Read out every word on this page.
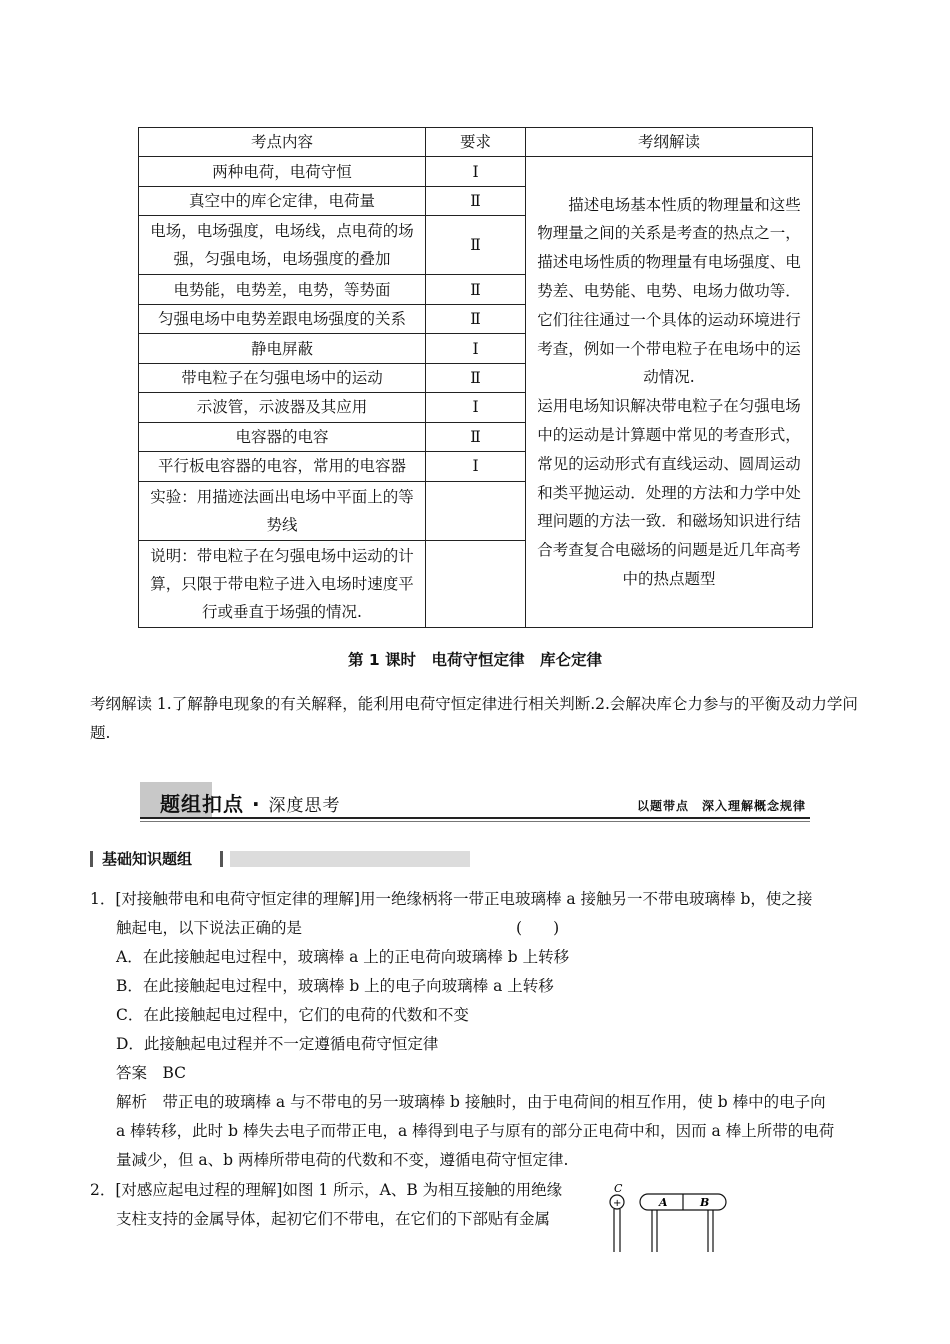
考点内容	要求	考纲解读
两种电荷，电荷守恒	Ⅰ	描述电场基本性质的物理量和这些物理量之间的关系是考查的热点之一，描述电场性质的物理量有电场强度、电势差、电势能、电势、电场力做功等．它们往往通过一个具体的运动环境进行考查，例如一个带电粒子在电场中的运动情况.

运用电场知识解决带电粒子在匀强电场中的运动是计算题中常见的考查形式，常见的运动形式有直线运动、圆周运动和类平抛运动．处理的方法和力学中处理问题的方法一致．和磁场知识进行结合考查复合电磁场的问题是近几年高考中的热点题型

真空中的库仑定律，电荷量	Ⅱ	
电场，电场强度，电场线，点电荷的场强，匀强电场，电场强度的叠加	Ⅱ	
电势能，电势差，电势，等势面	Ⅱ	
匀强电场中电势差跟电场强度的关系	Ⅱ	
静电屏蔽	Ⅰ	
带电粒子在匀强电场中的运动	Ⅱ	
示波管，示波器及其应用	Ⅰ	
电容器的电容	Ⅱ	
平行板电容器的电容，常用的电容器	Ⅰ	
实验：用描迹法画出电场中平面上的等势线		
说明：带电粒子在匀强电场中运动的计算，只限于带电粒子进入电场时速度平行或垂直于场强的情况.		
第 1 课时　电荷守恒定律　库仑定律
考纲解读 1.了解静电现象的有关解释，能利用电荷守恒定律进行相关判断.2.会解决库仑力参与的平衡及动力学问题.
题组扣点 · 深度思考	以题带点　深入理解概念规律
基础知识题组
1．[对接触带电和电荷守恒定律的理解]用一绝缘柄将一带正电玻璃棒 a 接触另一不带电玻璃棒 b，使之接
触起电，以下说法正确的是	(　　)
A．在此接触起电过程中，玻璃棒 a 上的正电荷向玻璃棒 b 上转移
B．在此接触起电过程中，玻璃棒 b 上的电子向玻璃棒 a 上转移
C．在此接触起电过程中，它们的电荷的代数和不变
D．此接触起电过程并不一定遵循电荷守恒定律
答案　BC
解析　带正电的玻璃棒 a 与不带电的另一玻璃棒 b 接触时，由于电荷间的相互作用，使 b 棒中的电子向
a 棒转移，此时 b 棒失去电子而带正电，a 棒得到电子与原有的部分正电荷中和，因而 a 棒上所带的电荷
量减少，但 a、b 两棒所带电荷的代数和不变，遵循电荷守恒定律.
2．[对感应起电过程的理解]如图 1 所示，A、B 为相互接触的用绝缘
支柱支持的金属导体，起初它们不带电，在它们的下部贴有金属
C
+	A	B
